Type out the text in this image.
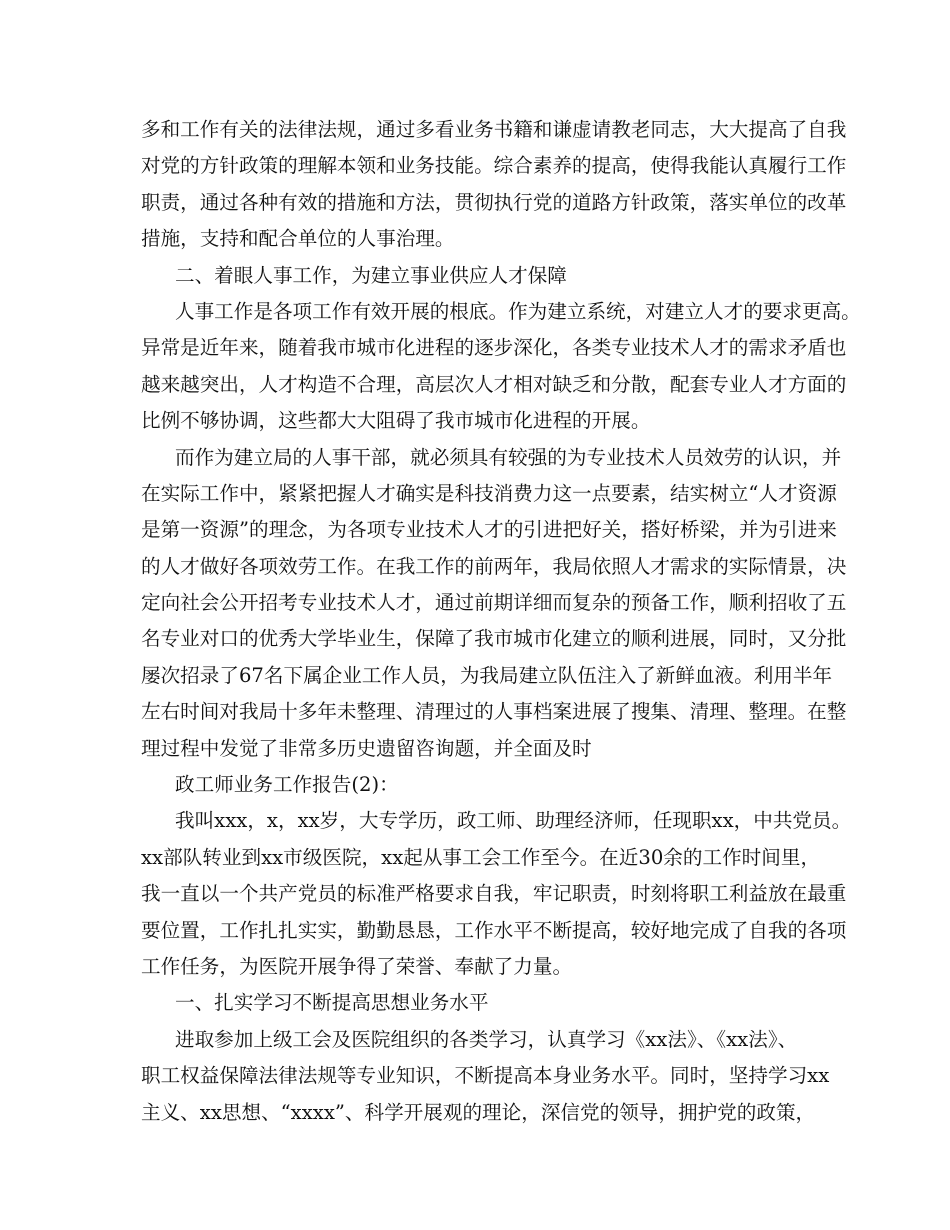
多和工作有关的法律法规，通过多看业务书籍和谦虚请教老同志，大大提高了自我
对党的方针政策的理解本领和业务技能。综合素养的提高，使得我能认真履行工作
职责，通过各种有效的措施和方法，贯彻执行党的道路方针政策，落实单位的改革
措施，支持和配合单位的人事治理。
二、着眼人事工作，为建立事业供应人才保障
人事工作是各项工作有效开展的根底。作为建立系统，对建立人才的要求更高。
异常是近年来，随着我市城市化进程的逐步深化，各类专业技术人才的需求矛盾也
越来越突出，人才构造不合理，高层次人才相对缺乏和分散，配套专业人才方面的
比例不够协调，这些都大大阻碍了我市城市化进程的开展。
而作为建立局的人事干部，就必须具有较强的为专业技术人员效劳的认识，并
在实际工作中，紧紧把握人才确实是科技消费力这一点要素，结实树立“人才资源
是第一资源”的理念，为各项专业技术人才的引进把好关，搭好桥梁，并为引进来
的人才做好各项效劳工作。在我工作的前两年，我局依照人才需求的实际情景，决
定向社会公开招考专业技术人才，通过前期详细而复杂的预备工作，顺利招收了五
名专业对口的优秀大学毕业生，保障了我市城市化建立的顺利进展，同时，又分批
屡次招录了67名下属企业工作人员，为我局建立队伍注入了新鲜血液。利用半年
左右时间对我局十多年未整理、清理过的人事档案进展了搜集、清理、整理。在整
理过程中发觉了非常多历史遗留咨询题，并全面及时
政工师业务工作报告(2)：
我叫xxx，x，xx岁，大专学历，政工师、助理经济师，任现职xx，中共党员。
xx部队转业到xx市级医院，xx起从事工会工作至今。在近30余的工作时间里，
我一直以一个共产党员的标准严格要求自我，牢记职责，时刻将职工利益放在最重
要位置，工作扎扎实实，勤勤恳恳，工作水平不断提高，较好地完成了自我的各项
工作任务，为医院开展争得了荣誉、奉献了力量。
一、扎实学习不断提高思想业务水平
进取参加上级工会及医院组织的各类学习，认真学习《xx法》、《xx法》、
职工权益保障法律法规等专业知识，不断提高本身业务水平。同时，坚持学习xx
主义、xx思想、“xxxx”、科学开展观的理论，深信党的领导，拥护党的政策，
